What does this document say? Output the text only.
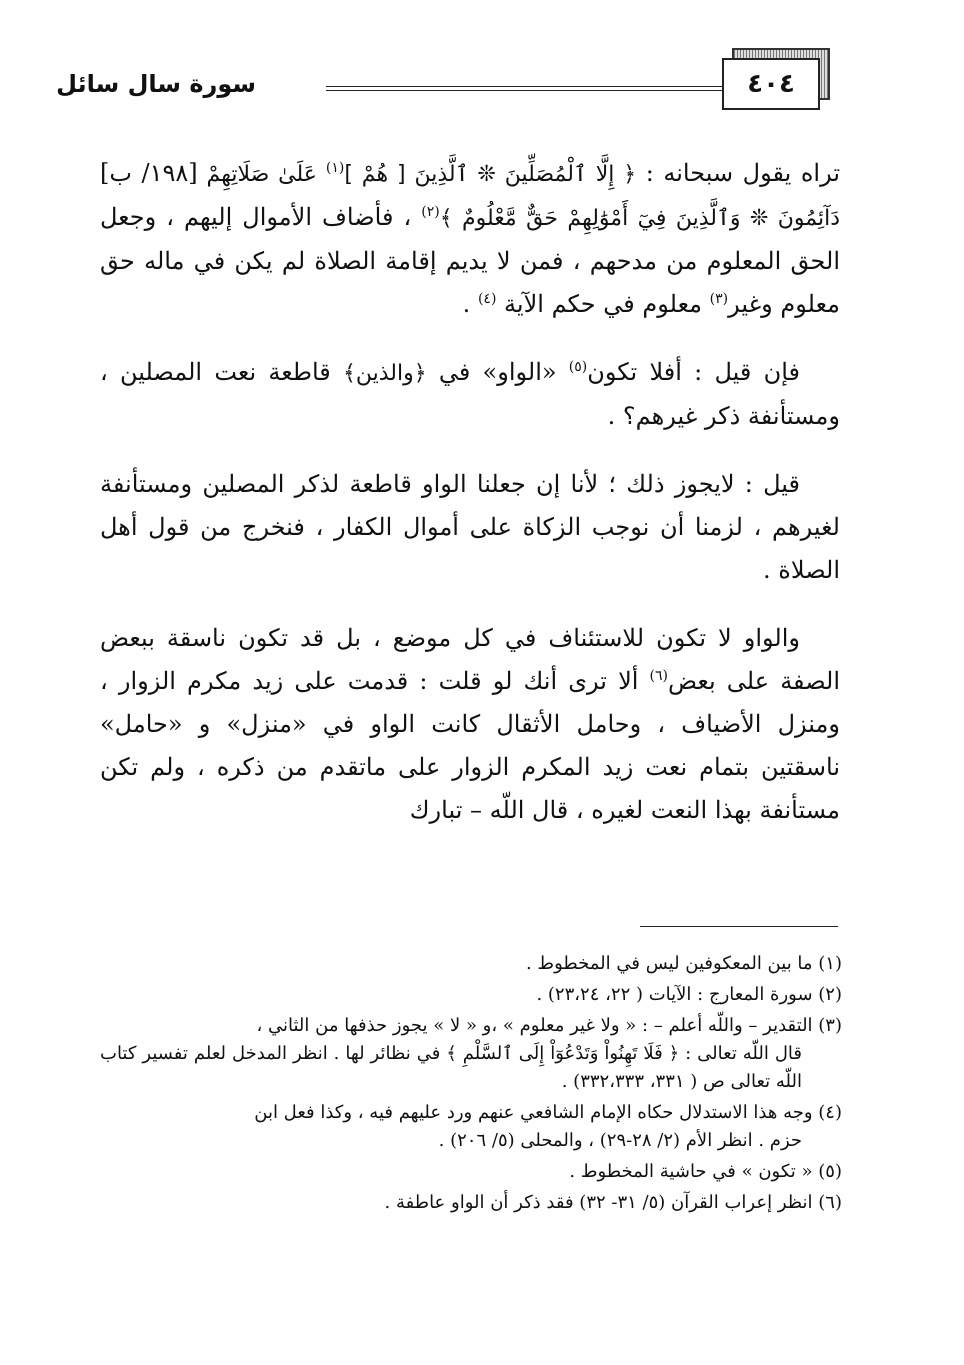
٤٠٤
سورة سال سائل

تراه يقول سبحانه : ﴿ إِلَّا ٱلْمُصَلِّينَ ❊ ٱلَّذِينَ [ هُمْ ]$^{(١)}$ عَلَىٰ صَلَاتِهِمْ [١٩٨/ ب] دَآئِمُونَ ❊ وَٱلَّذِينَ فِيٓ أَمْوَٰلِهِمْ حَقٌّ مَّعْلُومٌ ﴾$^{(٢)}$ ، فأضاف الأموال إليهم ، وجعل الحق المعلوم من مدحهم ، فمن لا يديم إقامة الصلاة لم يكن في ماله حق معلوم وغير$^{(٣)}$ معلوم في حكم الآية $^{(٤)}$ .

فإن قيل : أفلا تكون$^{(٥)}$ «الواو» في ﴿والذين﴾ قاطعة نعت المصلين ، ومستأنفة ذكر غيرهم؟ .

قيل : لايجوز ذلك ؛ لأنا إن جعلنا الواو قاطعة لذكر المصلين ومستأنفة لغيرهم ، لزمنا أن نوجب الزكاة على أموال الكفار ، فنخرج من قول أهل الصلاة .

والواو لا تكون للاستئناف في كل موضع ، بل قد تكون ناسقة ببعض الصفة على بعض$^{(٦)}$ ألا ترى أنك لو قلت : قدمت على زيد مكرم الزوار ، ومنزل الأضياف ، وحامل الأثقال كانت الواو في «منزل» و «حامل» ناسقتين بتمام نعت زيد المكرم الزوار على ماتقدم من ذكره ، ولم تكن مستأنفة بهذا النعت لغيره ، قال اللّه – تبارك

(١) ما بين المعكوفين ليس في المخطوط .

(٢) سورة المعارج : الآيات ( ٢٢، ٢٣،٢٤) .

(٣) التقدير – واللّه أعلم – : « ولا غير معلوم » ،و « لا » يجوز حذفها من الثاني ،
قال اللّه تعالى : ﴿ فَلَا تَهِنُواْ وَتَدْعُوٓاْ إِلَى ٱلسَّلْمِ ﴾ في نظائر لها . انظر المدخل لعلم تفسير كتاب اللّه تعالى ص ( ٣٣١، ٣٣٢،٣٣٣) .

(٤) وجه هذا الاستدلال حكاه الإمام الشافعي عنهم ورد عليهم فيه ، وكذا فعل ابن
حزم . انظر الأم (٢/ ٢٨-٢٩) ، والمحلى (٥/ ٢٠٦) .

(٥) « تكون » في حاشية المخطوط .

(٦) انظر إعراب القرآن (٥/ ٣١- ٣٢) فقد ذكر أن الواو عاطفة .
